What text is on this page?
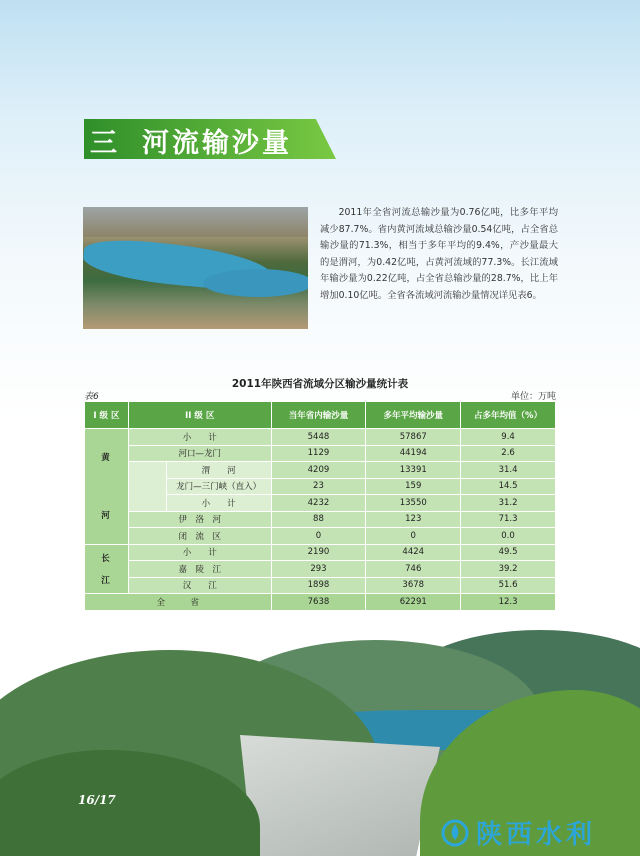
三 河流输沙量

2011年全省河流总输沙量为0.76亿吨，比多年平均减少87.7%。省内黄河流域总输沙量0.54亿吨，占全省总输沙量的71.3%，相当于多年平均的9.4%，产沙量最大的是渭河，为0.42亿吨，占黄河流域的77.3%。长江流域年输沙量为0.22亿吨，占全省总输沙量的28.7%，比上年增加0.10亿吨。全省各流域河流输沙量情况详见表6。

2011年陕西省流域分区输沙量统计表
表6	单位：万吨
I 级 区	II 级 区		当年省内输沙量	多年平均输沙量	占多年均值（%）

黄
河	小　　计		5448	57867	9.4
	河口—龙门		1129	44194	2.6
		渭　　河	4209	13391	31.4
		龙门—三门峡（直入）	23	159	14.5
		小　　计	4232	13550	31.2
	伊　洛　河		88	123	71.3
	闭　流　区		0	0	0.0

长
江	小　　计		2190	4424	49.5
	嘉　陵　江		293	746	39.2
	汉　　江		1898	3678	51.6
全　　　省			7638	62291	12.3
16/17
陕西水利
